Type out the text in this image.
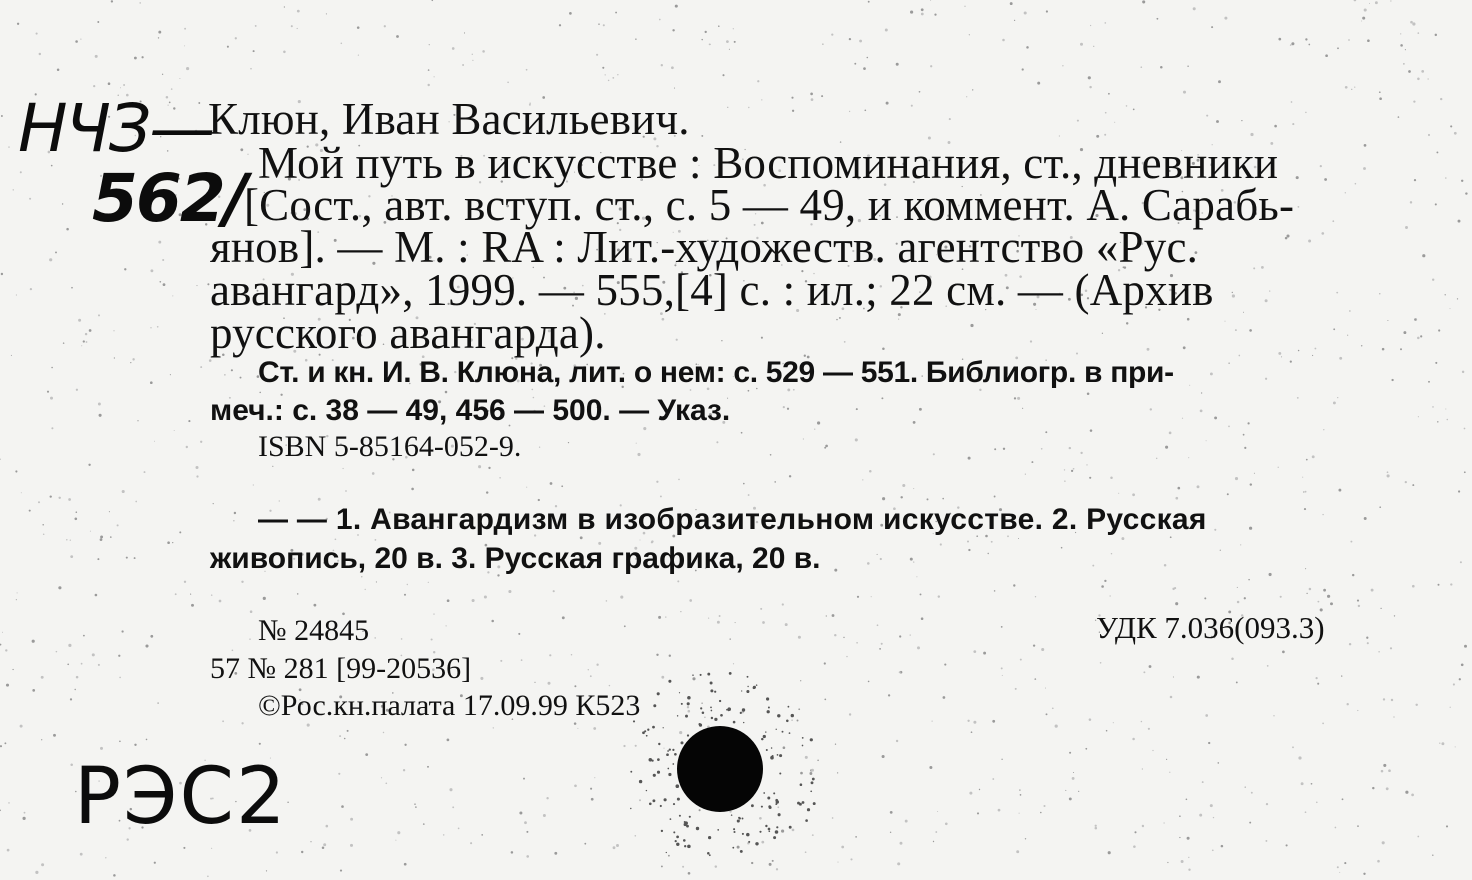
НЧЗ—
562/
Клюн, Иван Васильевич.
Мой путь в искусстве : Воспоминания, ст., дневники
[Сост., авт. вступ. ст., с. 5 — 49, и коммент. А. Сарабь-
янов]. — М. : RA : Лит.-художеств. агентство «Рус.
авангард», 1999. — 555,[4] с. : ил.; 22 см. — (Архив
русского авангарда).
Ст. и кн. И. В. Клюна, лит. о нем: с. 529 — 551. Библиогр. в при-
меч.: с. 38 — 49, 456 — 500. — Указ.
ISBN 5-85164-052-9.
— — 1. Авангардизм в изобразительном искусстве. 2. Русская
живопись, 20 в. 3. Русская графика, 20 в.
№ 24845	УДК 7.036(093.3)
57 № 281 [99-20536]
©Рос.кн.палата 17.09.99 К523
РЭС2
